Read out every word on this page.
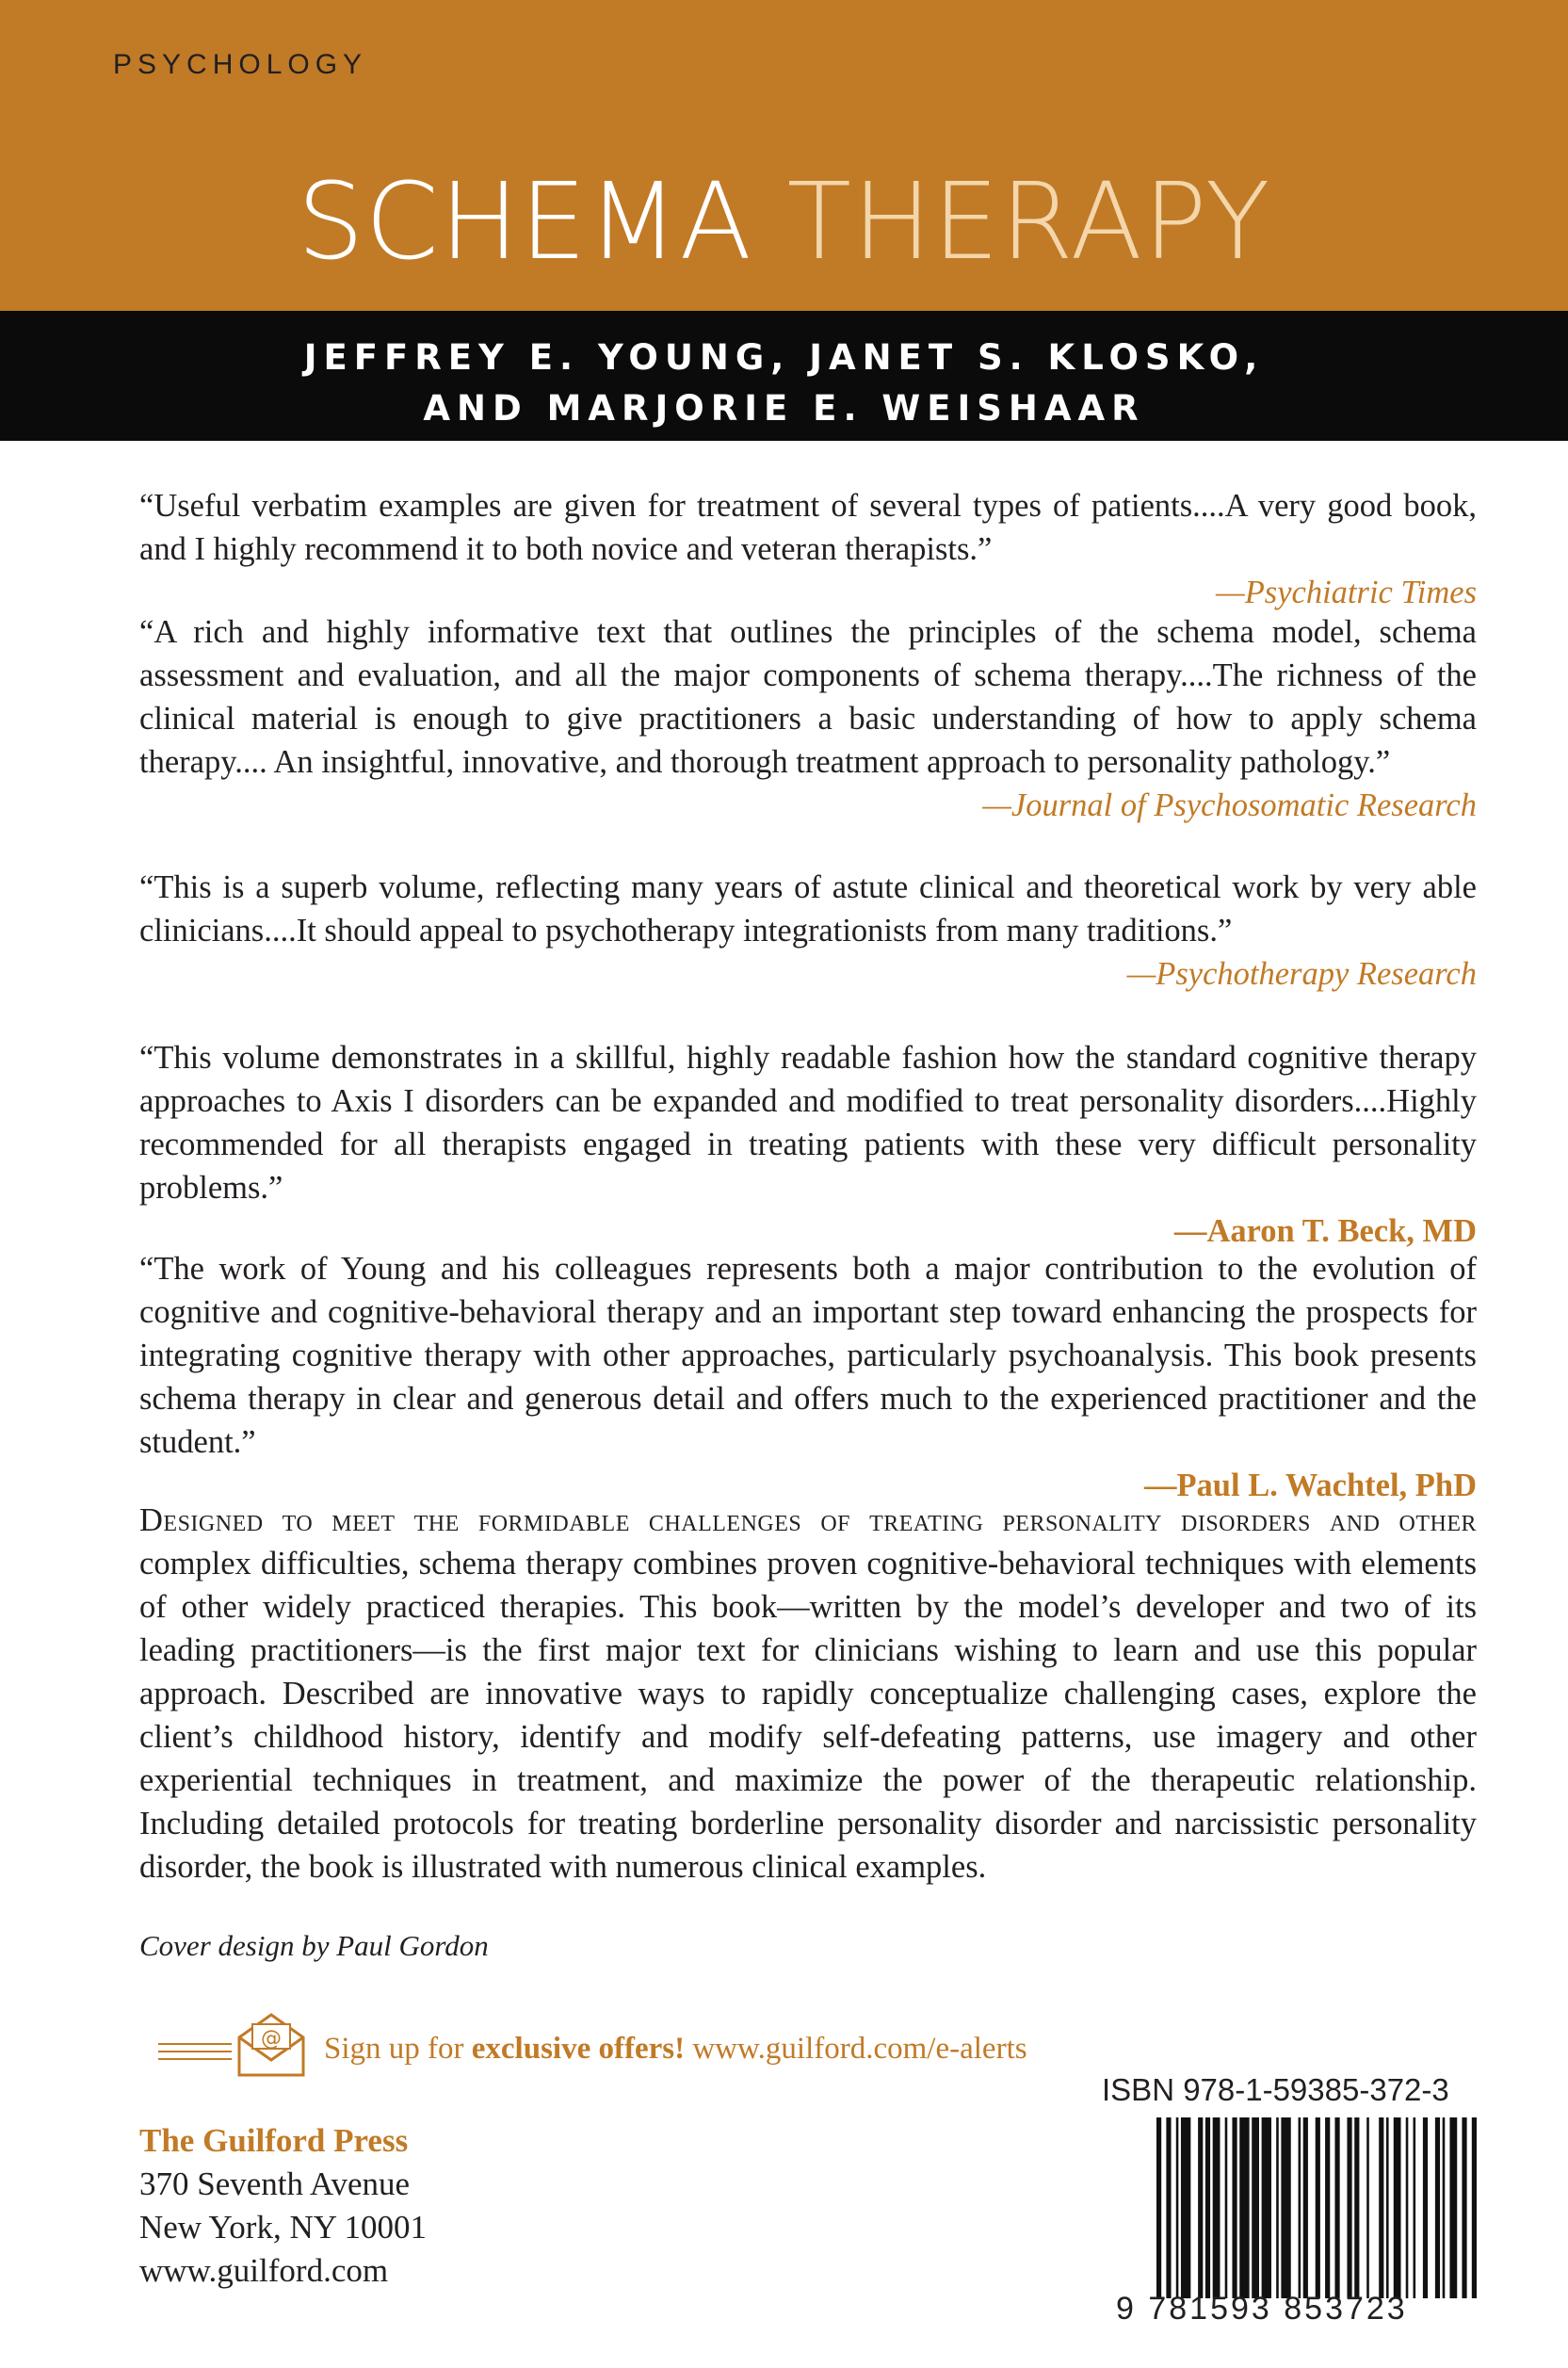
PSYCHOLOGY
SCHEMA THERAPY
JEFFREY E. YOUNG, JANET S. KLOSKO,
AND MARJORIE E. WEISHAAR
“Useful verbatim examples are given for treatment of several types of patients....A very good book, and I highly recommend it to both novice and veteran therapists.”
—Psychiatric Times
“A rich and highly informative text that outlines the principles of the schema model, schema assessment and evaluation, and all the major components of schema therapy....The richness of the clinical material is enough to give practitioners a basic understanding of how to apply schema therapy.... An insightful, innovative, and thorough treatment approach to personality pathology.”
—Journal of Psychosomatic Research
“This is a superb volume, reflecting many years of astute clinical and theoretical work by very able clinicians....It should appeal to psychotherapy integrationists from many traditions.”
—Psychotherapy Research
“This volume demonstrates in a skillful, highly readable fashion how the standard cognitive therapy approaches to Axis I disorders can be expanded and modified to treat personality disorders....Highly recommended for all therapists engaged in treating patients with these very difficult personality problems.”
—Aaron T. Beck, MD
“The work of Young and his colleagues represents both a major contribution to the evolution of cognitive and cognitive-behavioral therapy and an important step toward enhancing the prospects for integrating cognitive therapy with other approaches, particularly psychoanalysis. This book presents schema therapy in clear and generous detail and offers much to the experienced practitioner and the student.”
—Paul L. Wachtel, PhD
Designed to meet the formidable challenges of treating personality disorders and other complex difficulties, schema therapy combines proven cognitive-behavioral techniques with elements of other widely practiced therapies. This book—written by the model’s developer and two of its leading practitioners—is the first major text for clinicians wishing to learn and use this popular approach. Described are innovative ways to rapidly conceptualize challenging cases, explore the client’s childhood history, identify and modify self-defeating patterns, use imagery and other experiential techniques in treatment, and maximize the power of the therapeutic relationship. Including detailed protocols for treating borderline personality disorder and narcissistic personality disorder, the book is illustrated with numerous clinical examples.
Cover design by Paul Gordon
@ Sign up for exclusive offers! www.guilford.com/e-alerts
The Guilford Press
370 Seventh Avenue
New York, NY 10001
www.guilford.com
ISBN 978-1-59385-372-3
9 781593 853723
